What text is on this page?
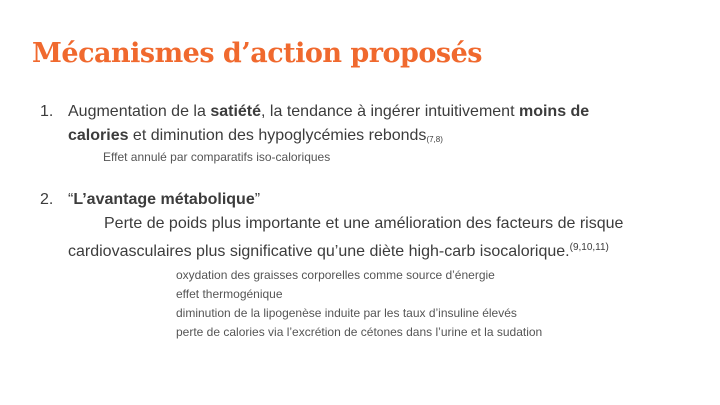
Mécanismes d’action proposés
1. Augmentation de la satiété, la tendance à ingérer intuitivement moins de
calories et diminution des hypoglycémies rebonds$_{(7,8)}$
Effet annulé par comparatifs iso-caloriques
2. “L’avantage métabolique”
Perte de poids plus importante et une amélioration des facteurs de risque
cardiovasculaires plus significative qu’une diète high-carb isocalorique.$^{(9,10,11)}$
oxydation des graisses corporelles comme source d’énergie
effet thermogénique
diminution de la lipogenèse induite par les taux d’insuline élevés
perte de calories via l’excrétion de cétones dans l’urine et la sudation
